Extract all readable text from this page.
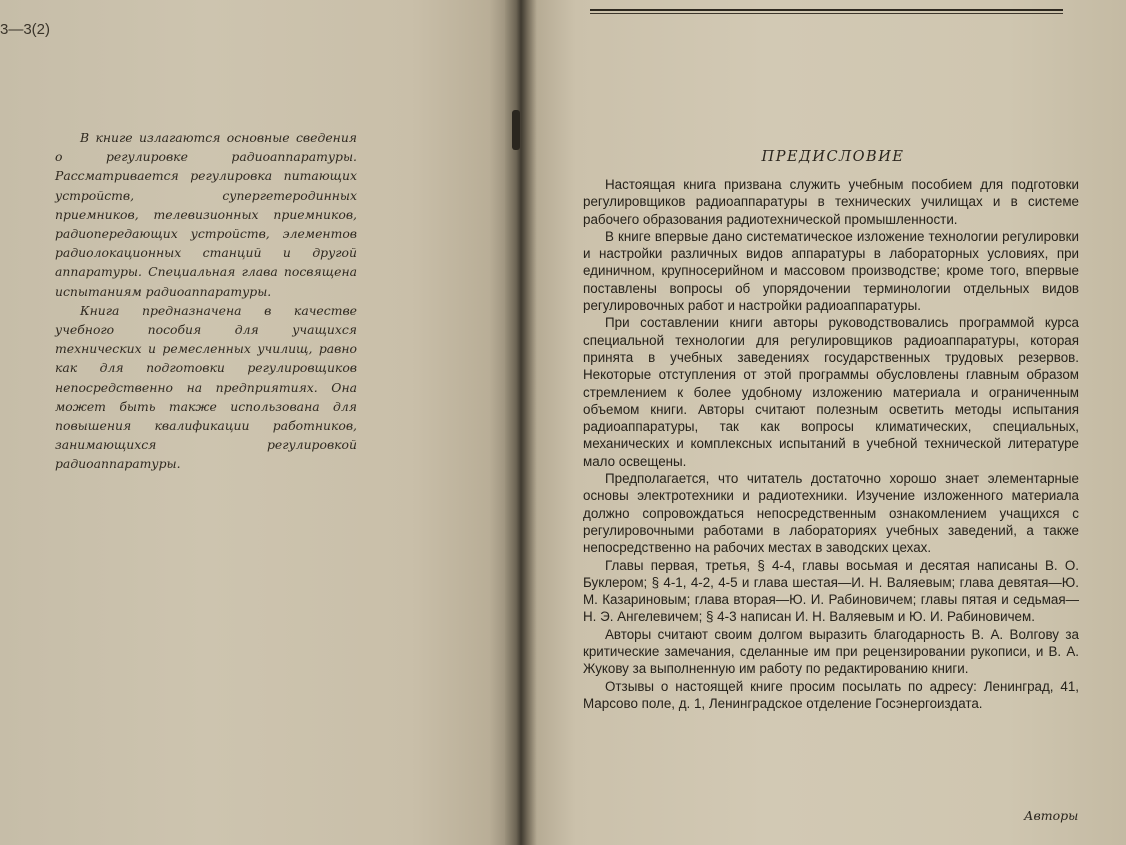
3—3(2)

В книге излагаются основные сведения о регулировке радиоаппаратуры. Рассматривается регулировка питающих устройств, супергетеродинных приемников, телевизионных приемников, радиопередающих устройств, элементов радиолокационных станций и другой аппаратуры. Специальная глава посвящена испытаниям радиоаппаратуры.

Книга предназначена в качестве учебного пособия для учащихся технических и ремесленных училищ, равно как для подготовки регулировщиков непосредственно на предприятиях. Она может быть также использована для повышения квалификации работников, занимающихся регулировкой радиоаппаратуры.

ПРЕДИСЛОВИЕ

Настоящая книга призвана служить учебным пособием для подготовки регулировщиков радиоаппаратуры в технических училищах и в системе рабочего образования радиотехнической промышленности.

В книге впервые дано систематическое изложение технологии регулировки и настройки различных видов аппаратуры в лабораторных условиях, при единичном, крупносерийном и массовом производстве; кроме того, впервые поставлены вопросы об упорядочении терминологии отдельных видов регулировочных работ и настройки радиоаппаратуры.

При составлении книги авторы руководствовались программой курса специальной технологии для регулировщиков радиоаппаратуры, которая принята в учебных заведениях государственных трудовых резервов. Некоторые отступления от этой программы обусловлены главным образом стремлением к более удобному изложению материала и ограниченным объемом книги. Авторы считают полезным осветить методы испытания радиоаппаратуры, так как вопросы климатических, специальных, механических и комплексных испытаний в учебной технической литературе мало освещены.

Предполагается, что читатель достаточно хорошо знает элементарные основы электротехники и радиотехники. Изучение изложенного материала должно сопровождаться непосредственным ознакомлением учащихся с регулировочными работами в лабораториях учебных заведений, а также непосредственно на рабочих местах в заводских цехах.

Главы первая, третья, § 4-4, главы восьмая и десятая написаны В. О. Буклером; § 4-1, 4-2, 4-5 и глава шестая—И. Н. Валяевым; глава девятая—Ю. М. Казариновым; глава вторая—Ю. И. Рабиновичем; главы пятая и седьмая—Н. Э. Ангелевичем; § 4-3 написан И. Н. Валяевым и Ю. И. Рабиновичем.

Авторы считают своим долгом выразить благодарность В. А. Волгову за критические замечания, сделанные им при рецензировании рукописи, и В. А. Жукову за выполненную им работу по редактированию книги.

Отзывы о настоящей книге просим посылать по адресу: Ленинград, 41, Марсово поле, д. 1, Ленинградское отделение Госэнергоиздата.

Авторы
